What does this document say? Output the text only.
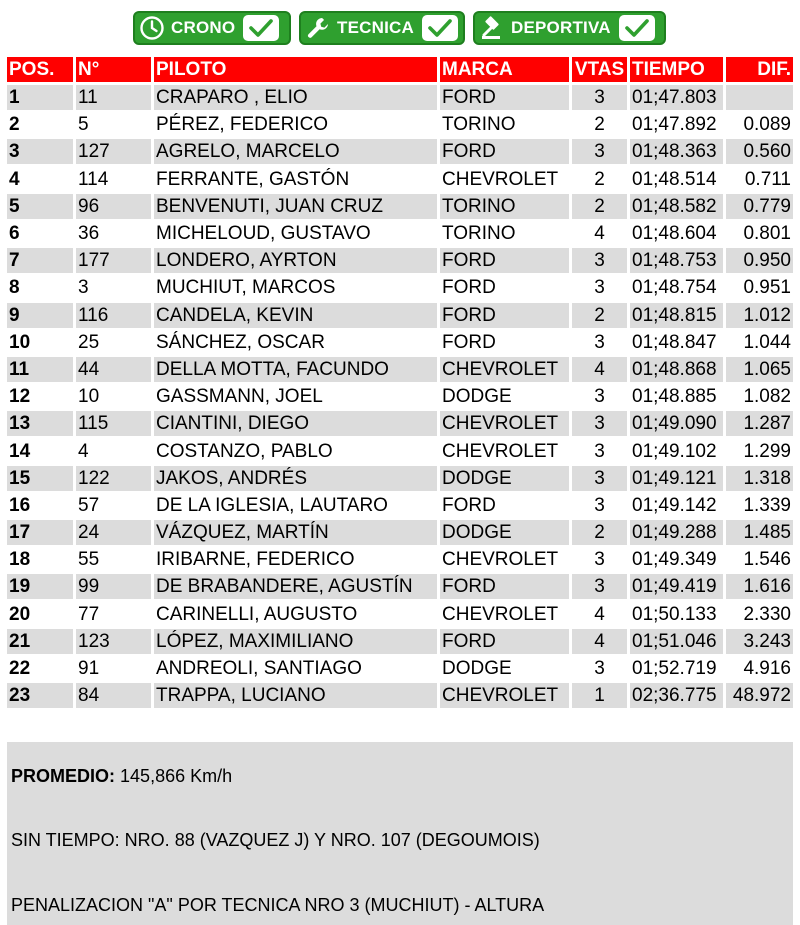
CRONO	TECNICA	DEPORTIVA
POS.	N°	PILOTO	MARCA	VTAS TIEMPO	DIF.
1	11	CRAPARO , ELIO	FORD	3	01;47.803
2	5	PÉREZ, FEDERICO	TORINO	2	01;47.892	0.089
3	127	AGRELO, MARCELO	FORD	3	01;48.363	0.560
4	114	FERRANTE, GASTÓN	CHEVROLET	2	01;48.514	0.711
5	96	BENVENUTI, JUAN CRUZ	TORINO	2	01;48.582	0.779
6	36	MICHELOUD, GUSTAVO	TORINO	4	01;48.604	0.801
7	177	LONDERO, AYRTON	FORD	3	01;48.753	0.950
8	3	MUCHIUT, MARCOS	FORD	3	01;48.754	0.951
9	116	CANDELA, KEVIN	FORD	2	01;48.815	1.012
10	25	SÁNCHEZ, OSCAR	FORD	3	01;48.847	1.044
11	44	DELLA MOTTA, FACUNDO	CHEVROLET	4	01;48.868	1.065
12	10	GASSMANN, JOEL	DODGE	3	01;48.885	1.082
13	115	CIANTINI, DIEGO	CHEVROLET	3	01;49.090	1.287
14	4	COSTANZO, PABLO	CHEVROLET	3	01;49.102	1.299
15	122	JAKOS, ANDRÉS	DODGE	3	01;49.121	1.318
16	57	DE LA IGLESIA, LAUTARO	FORD	3	01;49.142	1.339
17	24	VÁZQUEZ, MARTÍN	DODGE	2	01;49.288	1.485
18	55	IRIBARNE, FEDERICO	CHEVROLET	3	01;49.349	1.546
19	99	DE BRABANDERE, AGUSTÍN	FORD	3	01;49.419	1.616
20	77	CARINELLI, AUGUSTO	CHEVROLET	4	01;50.133	2.330
21	123	LÓPEZ, MAXIMILIANO	FORD	4	01;51.046	3.243
22	91	ANDREOLI, SANTIAGO	DODGE	3	01;52.719	4.916
23	84	TRAPPA, LUCIANO	CHEVROLET	1	02;36.775 48.972
PROMEDIO: 145,866 Km/h
SIN TIEMPO: NRO. 88 (VAZQUEZ J) Y NRO. 107 (DEGOUMOIS)
PENALIZACION "A" POR TECNICA NRO 3 (MUCHIUT) - ALTURA
